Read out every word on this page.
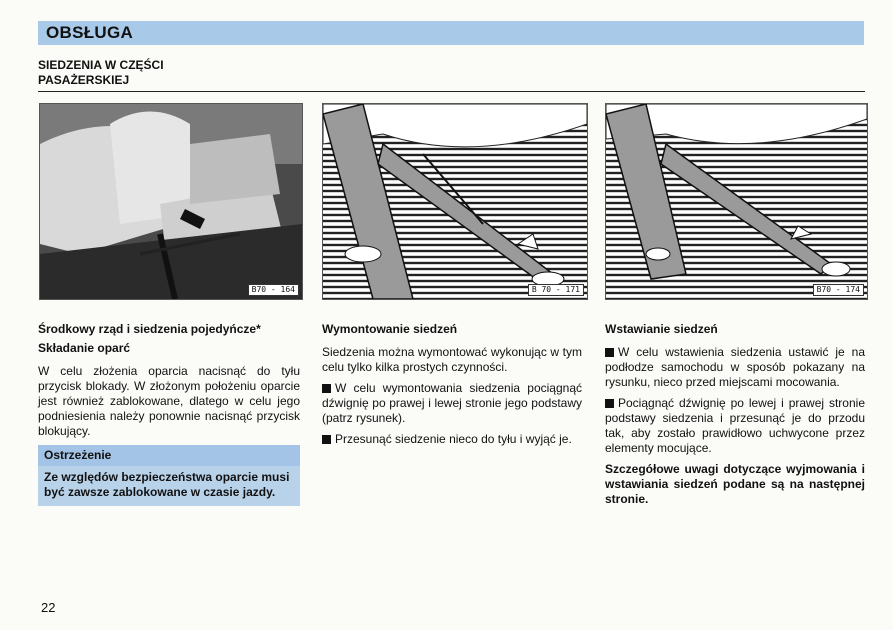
OBSŁUGA
SIEDZENIA W CZĘŚCI
PASAŻERSKIEJ
B70 - 164	B 70 - 171	B70 - 174
Środkowy rząd i siedzenia pojedyńcze*
Składanie oparć

W celu złożenia oparcia nacisnąć do tyłu przycisk blokady. W złożonym położeniu oparcie jest również zablokowane, dlatego w celu jego podniesienia należy ponownie nacisnąć przycisk blokujący.

Ostrzeżenie
Ze względów bezpieczeństwa oparcie musi być zawsze zablokowane w czasie jazdy.
Wymontowanie siedzeń

Siedzenia można wymontować wykonując w tym celu tylko kilka prostych czynności.

W celu wymontowania siedzenia pociągnąć dźwignię po prawej i lewej stronie jego podstawy (patrz rysunek).

Przesunąć siedzenie nieco do tyłu i wyjąć je.

Wstawianie siedzeń

W celu wstawienia siedzenia ustawić je na podłodze samochodu w sposób pokazany na rysunku, nieco przed miejscami mocowania.

Pociągnąć dźwignię po lewej i prawej stronie podstawy siedzenia i przesunąć je do przodu tak, aby zostało prawidłowo uchwycone przez elementy mocujące.

Szczegółowe uwagi dotyczące wyjmowania i wstawiania siedzeń podane są na następnej stronie.

22
